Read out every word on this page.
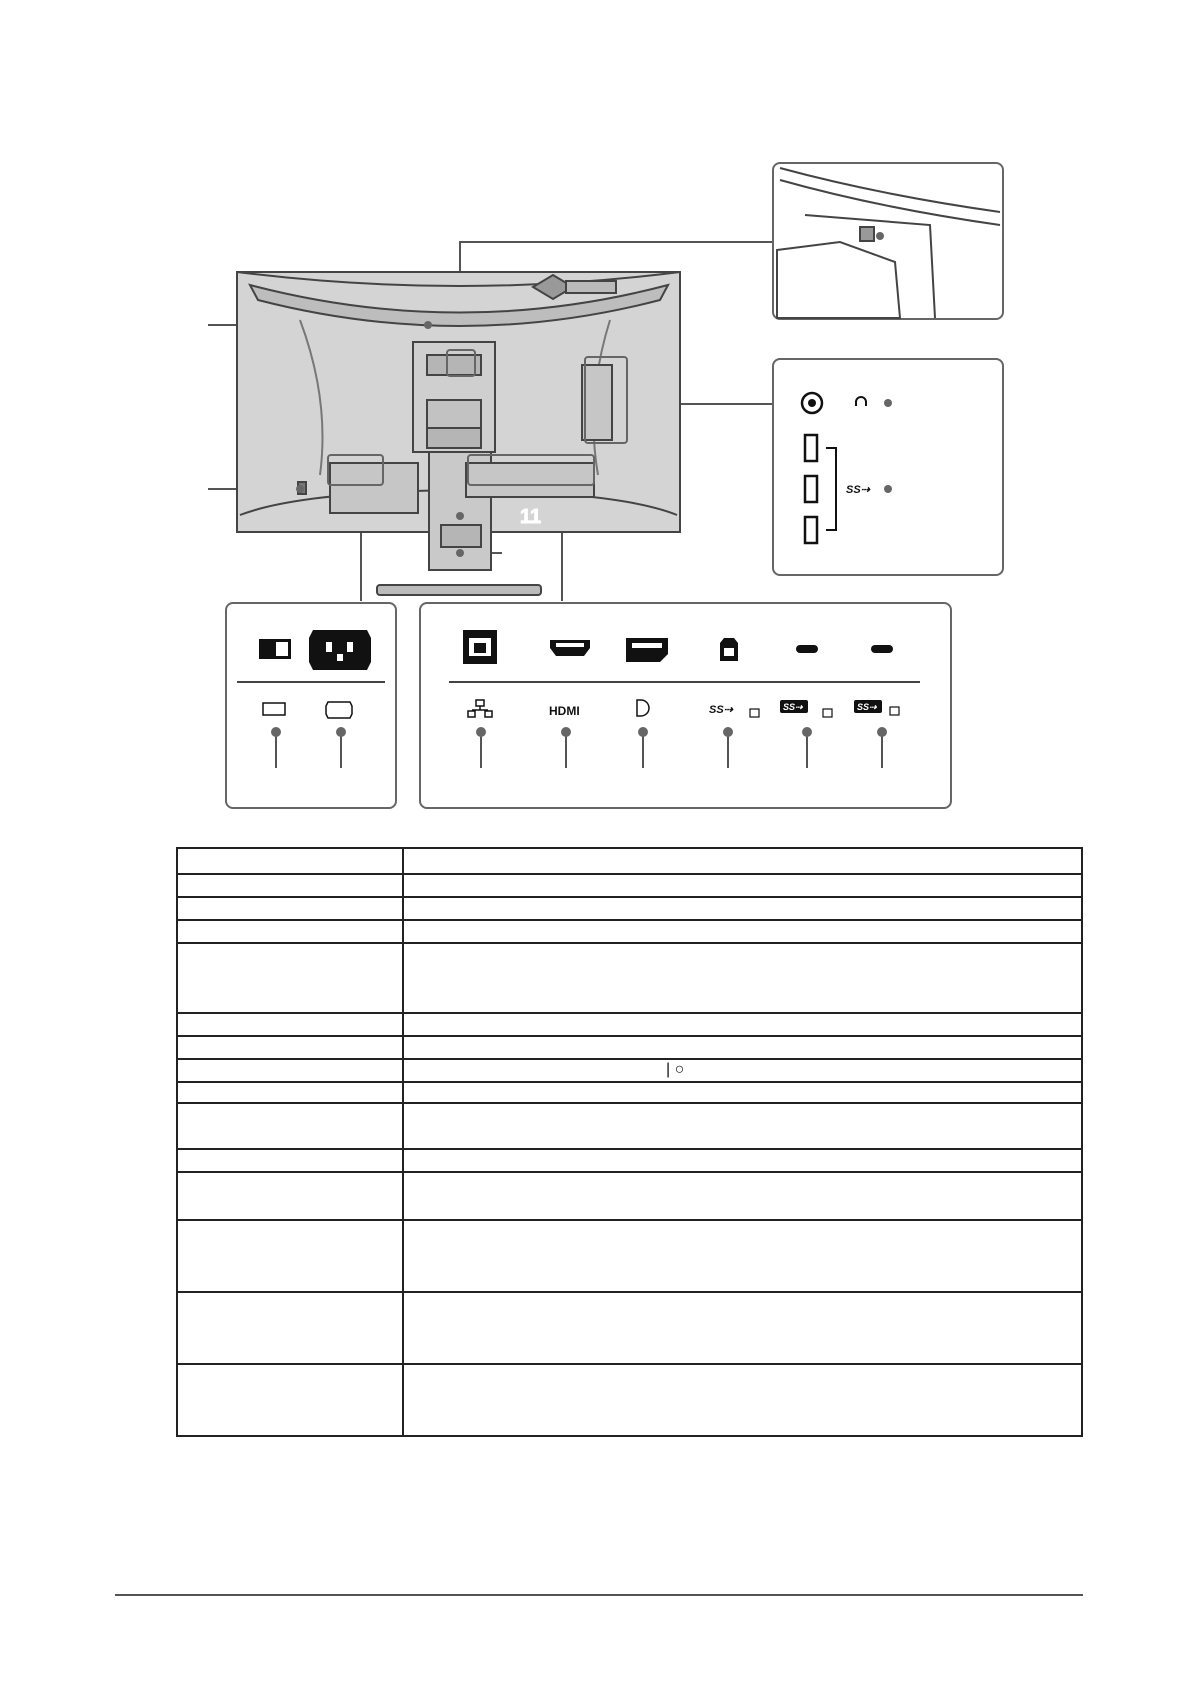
11
SS⇢
HDMI	SS⇢	SS⇢	SS⇢

	| ○
